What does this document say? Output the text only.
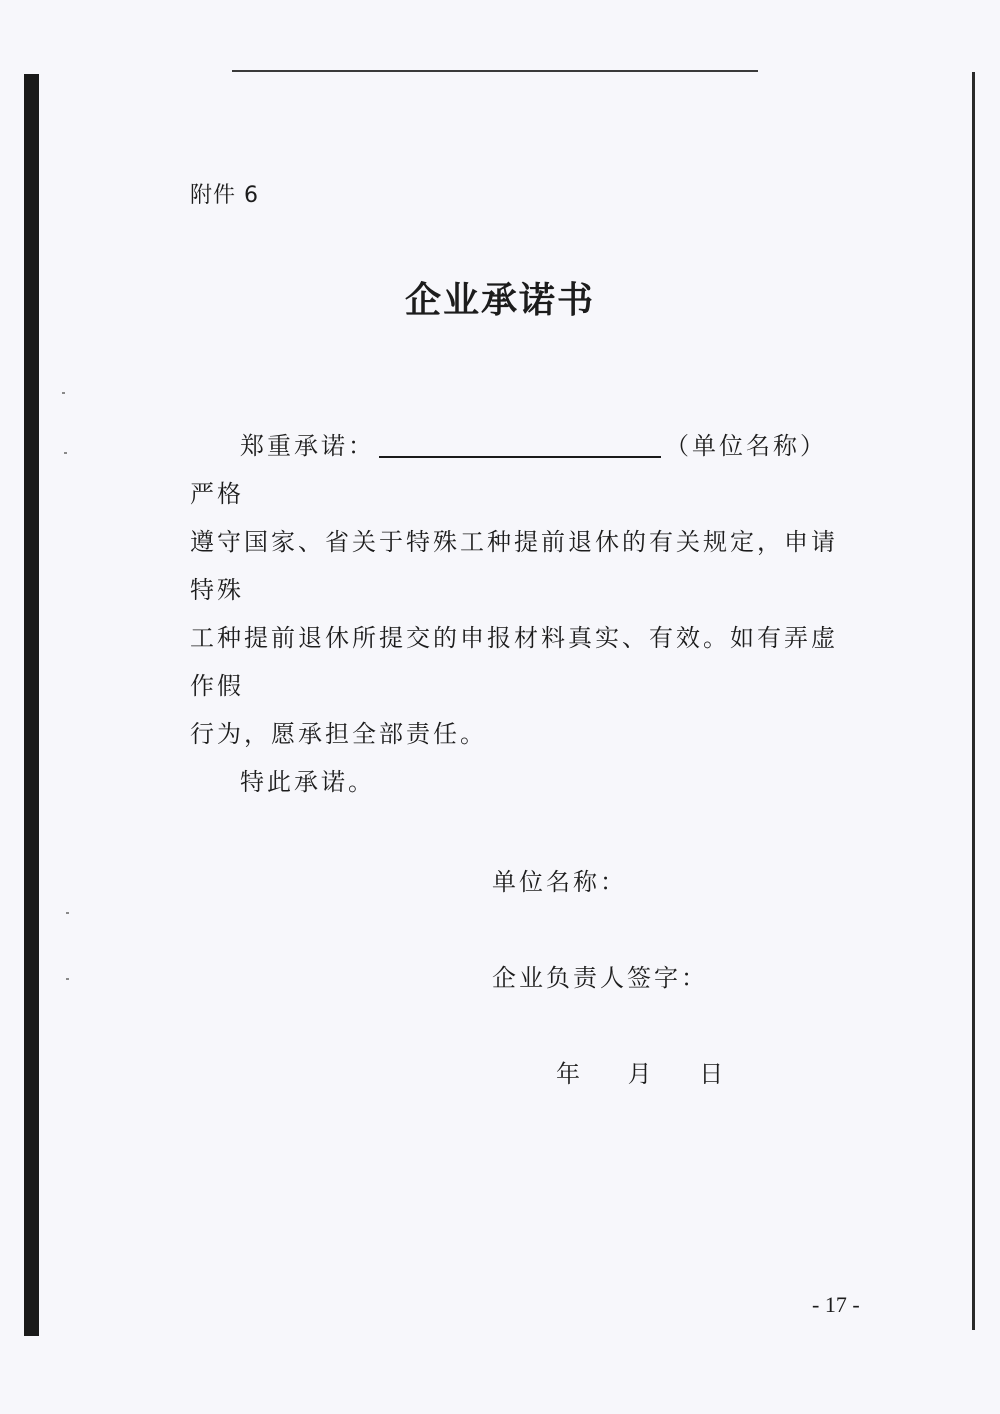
附件 6
企业承诺书

郑重承诺：	（单位名称）严格

遵守国家、省关于特殊工种提前退休的有关规定，申请特殊

工种提前退休所提交的申报材料真实、有效。如有弄虚作假

行为，愿承担全部责任。

特此承诺。

单位名称：
企业负责人签字：
年 月 日
- 17 -
